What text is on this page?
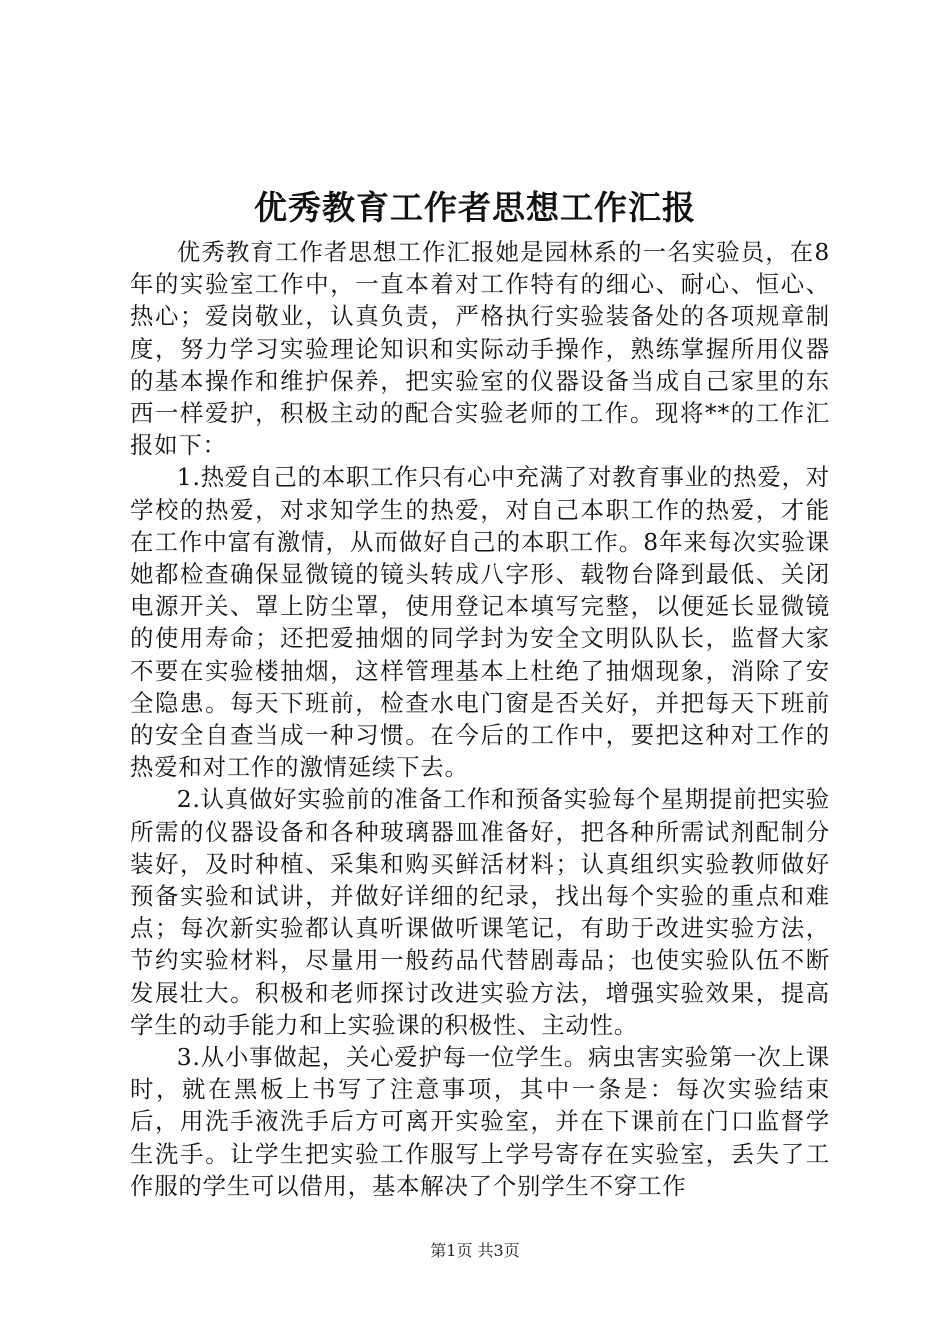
优秀教育工作者思想工作汇报

优秀教育工作者思想工作汇报她是园林系的一名实验员，在8年的实验室工作中，一直本着对工作特有的细心、耐心、恒心、热心；爱岗敬业，认真负责，严格执行实验装备处的各项规章制度，努力学习实验理论知识和实际动手操作，熟练掌握所用仪器的基本操作和维护保养，把实验室的仪器设备当成自己家里的东西一样爱护，积极主动的配合实验老师的工作。现将**的工作汇报如下：

1.热爱自己的本职工作只有心中充满了对教育事业的热爱，对学校的热爱，对求知学生的热爱，对自己本职工作的热爱，才能在工作中富有激情，从而做好自己的本职工作。8年来每次实验课她都检查确保显微镜的镜头转成八字形、载物台降到最低、关闭电源开关、罩上防尘罩，使用登记本填写完整，以便延长显微镜的使用寿命；还把爱抽烟的同学封为安全文明队队长，监督大家不要在实验楼抽烟，这样管理基本上杜绝了抽烟现象，消除了安全隐患。每天下班前，检查水电门窗是否关好，并把每天下班前的安全自查当成一种习惯。在今后的工作中，要把这种对工作的热爱和对工作的激情延续下去。

2.认真做好实验前的准备工作和预备实验每个星期提前把实验所需的仪器设备和各种玻璃器皿准备好，把各种所需试剂配制分装好，及时种植、采集和购买鲜活材料；认真组织实验教师做好预备实验和试讲，并做好详细的纪录，找出每个实验的重点和难点；每次新实验都认真听课做听课笔记，有助于改进实验方法，节约实验材料，尽量用一般药品代替剧毒品；也使实验队伍不断发展壮大。积极和老师探讨改进实验方法，增强实验效果，提高学生的动手能力和上实验课的积极性、主动性。

3.从小事做起，关心爱护每一位学生。病虫害实验第一次上课时，就在黑板上书写了注意事项，其中一条是：每次实验结束后，用洗手液洗手后方可离开实验室，并在下课前在门口监督学生洗手。让学生把实验工作服写上学号寄存在实验室，丢失了工作服的学生可以借用，基本解决了个别学生不穿工作

第1页 共3页
